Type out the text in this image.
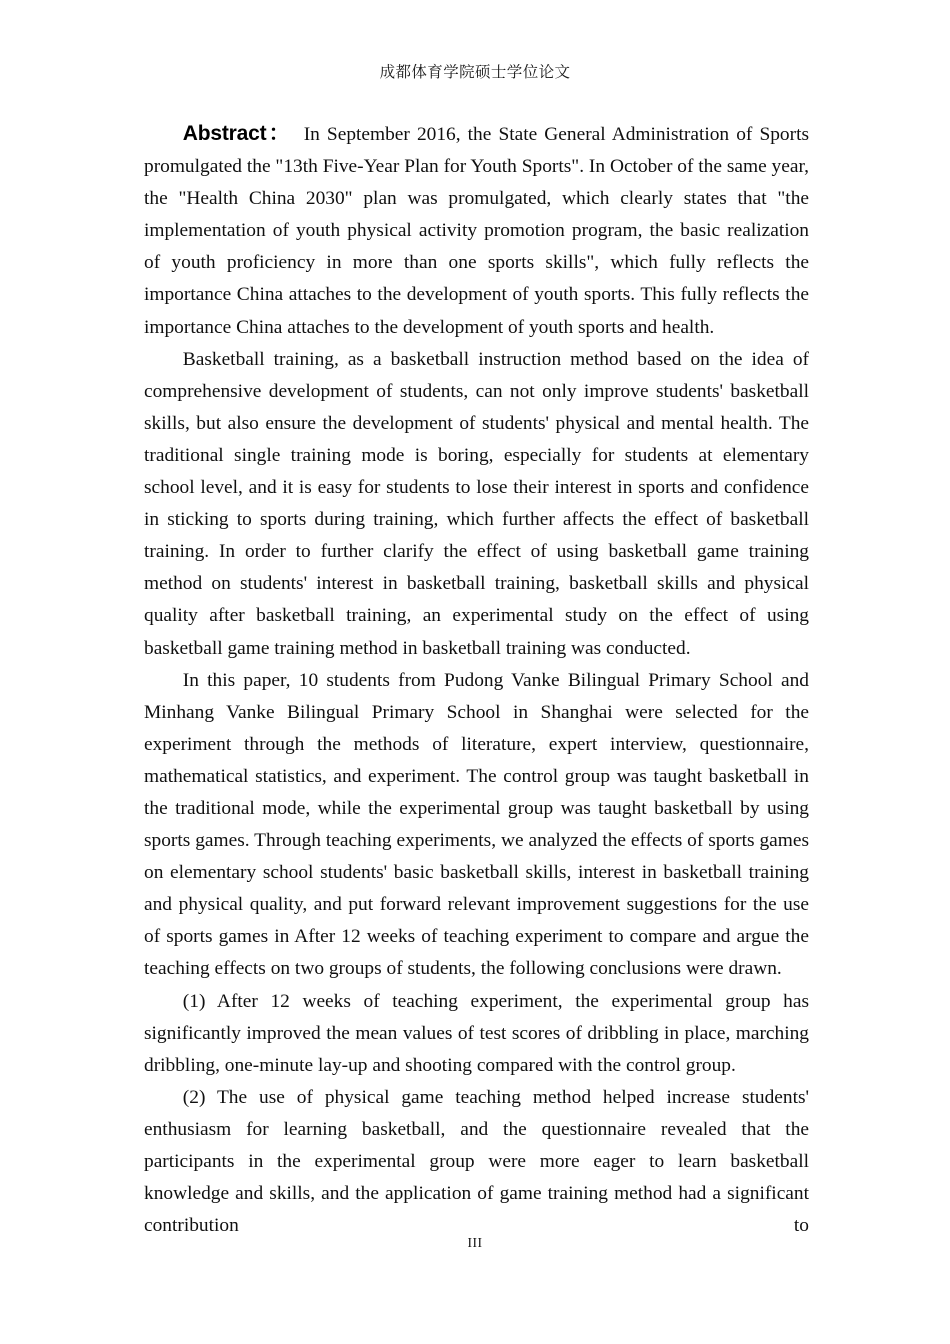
成都体育学院硕士学位论文

Abstract： In September 2016, the State General Administration of Sports promulgated the "13th Five-Year Plan for Youth Sports". In October of the same year, the "Health China 2030" plan was promulgated, which clearly states that "the implementation of youth physical activity promotion program, the basic realization of youth proficiency in more than one sports skills", which fully reflects the importance China attaches to the development of youth sports. This fully reflects the importance China attaches to the development of youth sports and health.

Basketball training, as a basketball instruction method based on the idea of comprehensive development of students, can not only improve students' basketball skills, but also ensure the development of students' physical and mental health. The traditional single training mode is boring, especially for students at elementary school level, and it is easy for students to lose their interest in sports and confidence in sticking to sports during training, which further affects the effect of basketball training. In order to further clarify the effect of using basketball game training method on students' interest in basketball training, basketball skills and physical quality after basketball training, an experimental study on the effect of using basketball game training method in basketball training was conducted.

In this paper, 10 students from Pudong Vanke Bilingual Primary School and Minhang Vanke Bilingual Primary School in Shanghai were selected for the experiment through the methods of literature, expert interview, questionnaire, mathematical statistics, and experiment. The control group was taught basketball in the traditional mode, while the experimental group was taught basketball by using sports games. Through teaching experiments, we analyzed the effects of sports games on elementary school students' basic basketball skills, interest in basketball training and physical quality, and put forward relevant improvement suggestions for the use of sports games in After 12 weeks of teaching experiment to compare and argue the teaching effects on two groups of students, the following conclusions were drawn.

(1) After 12 weeks of teaching experiment, the experimental group has significantly improved the mean values of test scores of dribbling in place, marching dribbling, one-minute lay-up and shooting compared with the control group.

(2) The use of physical game teaching method helped increase students' enthusiasm for learning basketball, and the questionnaire revealed that the participants in the experimental group were more eager to learn basketball knowledge and skills, and the application of game training method had a significant contribution to

III
